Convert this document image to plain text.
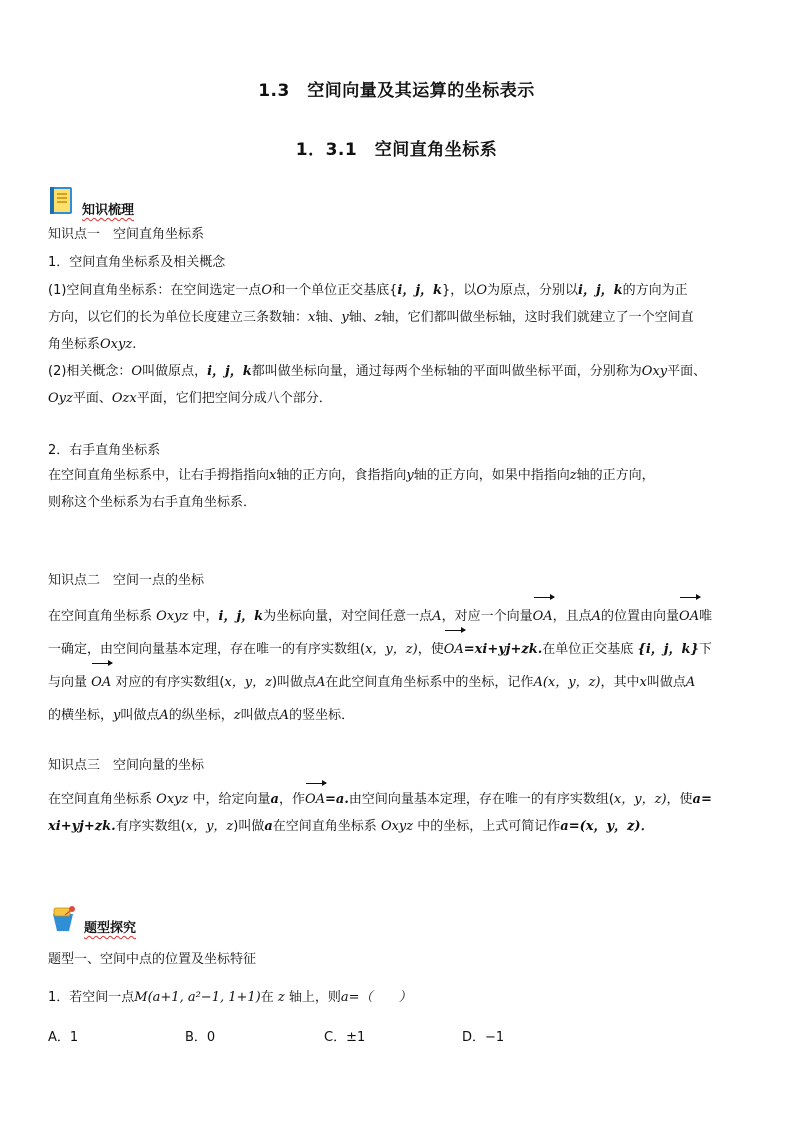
1.3　空间向量及其运算的坐标表示
1．3.1　空间直角坐标系
知识梳理
知识点一　空间直角坐标系
1．空间直角坐标系及相关概念
(1)空间直角坐标系：在空间选定一点O和一个单位正交基底{i，j，k}，以O为原点，分别以i，j，k的方向为正
方向，以它们的长为单位长度建立三条数轴：x轴、y轴、z轴，它们都叫做坐标轴，这时我们就建立了一个空间直
角坐标系Oxyz.
(2)相关概念：O叫做原点，i，j，k都叫做坐标向量，通过每两个坐标轴的平面叫做坐标平面，分别称为Oxy平面、
Oyz平面、Ozx平面，它们把空间分成八个部分．
2．右手直角坐标系
在空间直角坐标系中，让右手拇指指向x轴的正方向，食指指向y轴的正方向，如果中指指向z轴的正方向，
则称这个坐标系为右手直角坐标系．
知识点二　空间一点的坐标
在空间直角坐标系 Oxyz 中，i，j，k为坐标向量，对空间任意一点A，对应一个向量OA，且点A的位置由向量OA唯
一确定，由空间向量基本定理，存在唯一的有序实数组(x，y，z)，使OA=xi+yj+zk.在单位正交基底 {i，j，k}下
与向量 OA 对应的有序实数组(x，y，z)叫做点A在此空间直角坐标系中的坐标，记作A(x，y，z)，其中x叫做点A
的横坐标，y叫做点A的纵坐标，z叫做点A的竖坐标．
知识点三　空间向量的坐标
在空间直角坐标系 Oxyz 中，给定向量a，作OA=a.由空间向量基本定理，存在唯一的有序实数组(x，y，z)，使a=
xi+yj+zk.有序实数组(x，y，z)叫做a在空间直角坐标系 Oxyz 中的坐标，上式可简记作a=(x，y，z)．
题型探究
题型一、空间中点的位置及坐标特征
1．若空间一点M(a+1, a²−1, 1+1)在 z 轴上，则a=（　　）
A．1	B．0	C．±1	D．−1
